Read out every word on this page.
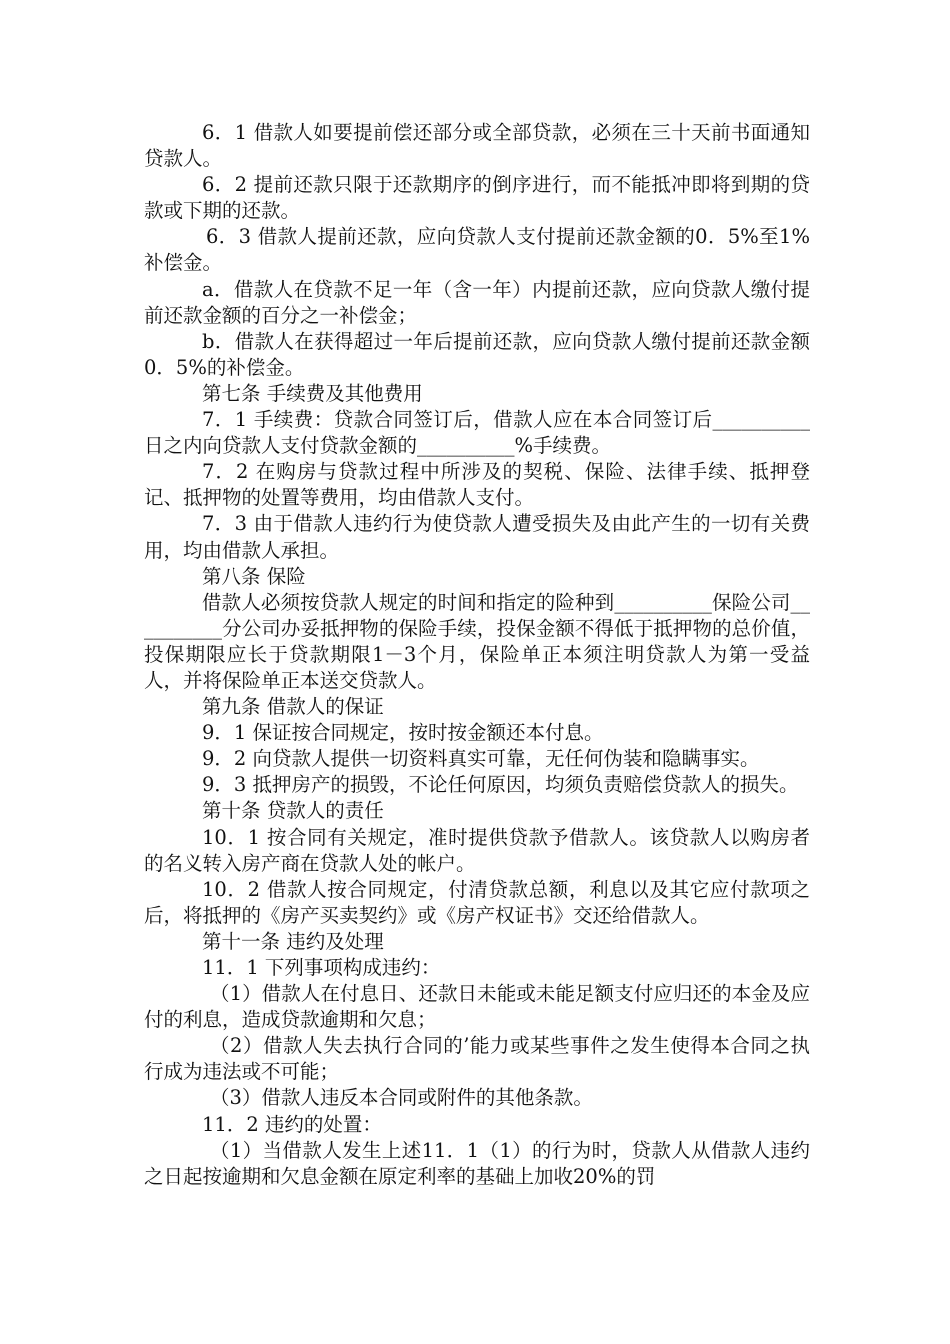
6．1 借款人如要提前偿还部分或全部贷款，必须在三十天前书面通知贷款人。

6．2 提前还款只限于还款期序的倒序进行，而不能抵冲即将到期的贷款或下期的还款。

6．3 借款人提前还款，应向贷款人支付提前还款金额的0．5%至1%补偿金。

a．借款人在贷款不足一年（含一年）内提前还款，应向贷款人缴付提前还款金额的百分之一补偿金；

b．借款人在获得超过一年后提前还款，应向贷款人缴付提前还款金额0．5%的补偿金。

第七条 手续费及其他费用

7．1 手续费：贷款合同签订后，借款人应在本合同签订后__________日之内向贷款人支付贷款金额的__________%手续费。

7．2 在购房与贷款过程中所涉及的契税、保险、法律手续、抵押登记、抵押物的处置等费用，均由借款人支付。

7．3 由于借款人违约行为使贷款人遭受损失及由此产生的一切有关费用，均由借款人承担。

第八条 保险

借款人必须按贷款人规定的时间和指定的险种到__________保险公司__________分公司办妥抵押物的保险手续，投保金额不得低于抵押物的总价值，投保期限应长于贷款期限1－3个月，保险单正本须注明贷款人为第一受益人，并将保险单正本送交贷款人。

第九条 借款人的保证

9．1 保证按合同规定，按时按金额还本付息。

9．2 向贷款人提供一切资料真实可靠，无任何伪装和隐瞒事实。

9．3 抵押房产的损毁，不论任何原因，均须负责赔偿贷款人的损失。

第十条 贷款人的责任

10．1 按合同有关规定，准时提供贷款予借款人。该贷款人以购房者的名义转入房产商在贷款人处的帐户。

10．2 借款人按合同规定，付清贷款总额，利息以及其它应付款项之后，将抵押的《房产买卖契约》或《房产权证书》交还给借款人。

第十一条 违约及处理

11．1 下列事项构成违约：

（1）借款人在付息日、还款日未能或未能足额支付应归还的本金及应付的利息，造成贷款逾期和欠息；

（2）借款人失去执行合同的’能力或某些事件之发生使得本合同之执行成为违法或不可能；

（3）借款人违反本合同或附件的其他条款。

11．2 违约的处置：

（1）当借款人发生上述11．1（1）的行为时，贷款人从借款人违约之日起按逾期和欠息金额在原定利率的基础上加收20%的罚
